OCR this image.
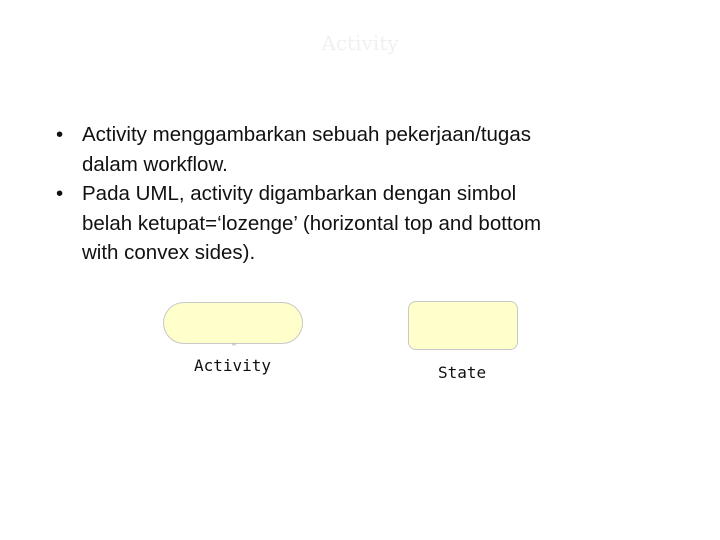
Activity
• Activity menggambarkan sebuah pekerjaan/tugas
dalam workflow.
• Pada UML, activity digambarkan dengan simbol
belah ketupat=‘lozenge’ (horizontal top and bottom
with convex sides).
^
Activity	State
